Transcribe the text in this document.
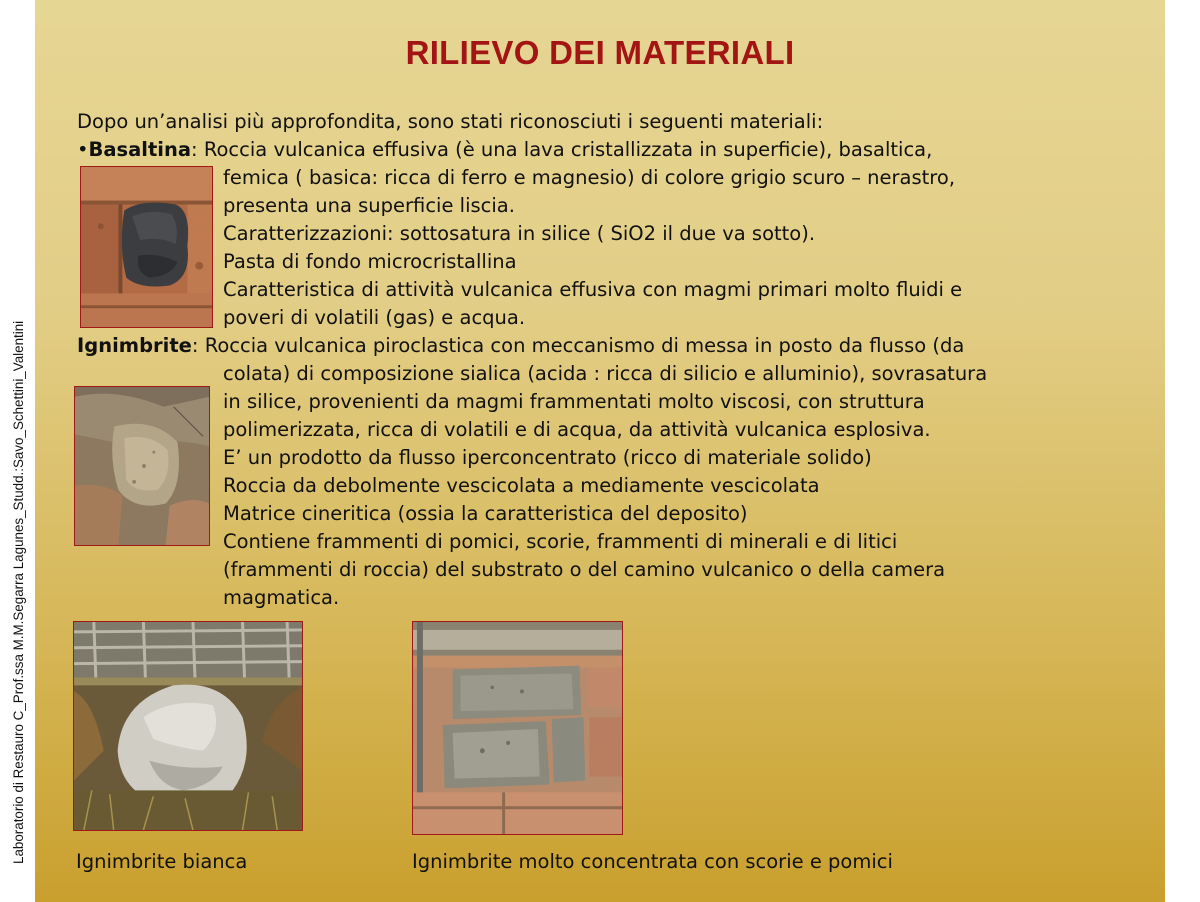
Laboratorio di Restauro C_Prof.ssa M.M.Segarra Lagunes_Studd.:Savo_Schettini_Valentini
RILIEVO DEI MATERIALI
Dopo un’analisi più approfondita, sono stati riconosciuti i seguenti materiali:
•Basaltina: Roccia vulcanica effusiva (è una lava cristallizzata in superficie), basaltica,
femica ( basica: ricca di ferro e magnesio) di colore grigio scuro – nerastro,
presenta una superficie liscia.
Caratterizzazioni: sottosatura in silice ( SiO2 il due va sotto).
Pasta di fondo microcristallina
Caratteristica di attività vulcanica effusiva con magmi primari molto fluidi e
poveri di volatili (gas) e acqua.
Ignimbrite: Roccia vulcanica piroclastica con meccanismo di messa in posto da flusso (da
colata) di composizione sialica (acida : ricca di silicio e alluminio), sovrasatura
in silice, provenienti da magmi frammentati molto viscosi, con struttura
polimerizzata, ricca di volatili e di acqua, da attività vulcanica esplosiva.
E’ un prodotto da flusso iperconcentrato (ricco di materiale solido)
Roccia da debolmente vescicolata a mediamente vescicolata
Matrice cineritica (ossia la caratteristica del deposito)
Contiene frammenti di pomici, scorie, frammenti di minerali e di litici
(frammenti di roccia) del substrato o del camino vulcanico o della camera
magmatica.
Ignimbrite bianca	Ignimbrite molto concentrata con scorie e pomici
